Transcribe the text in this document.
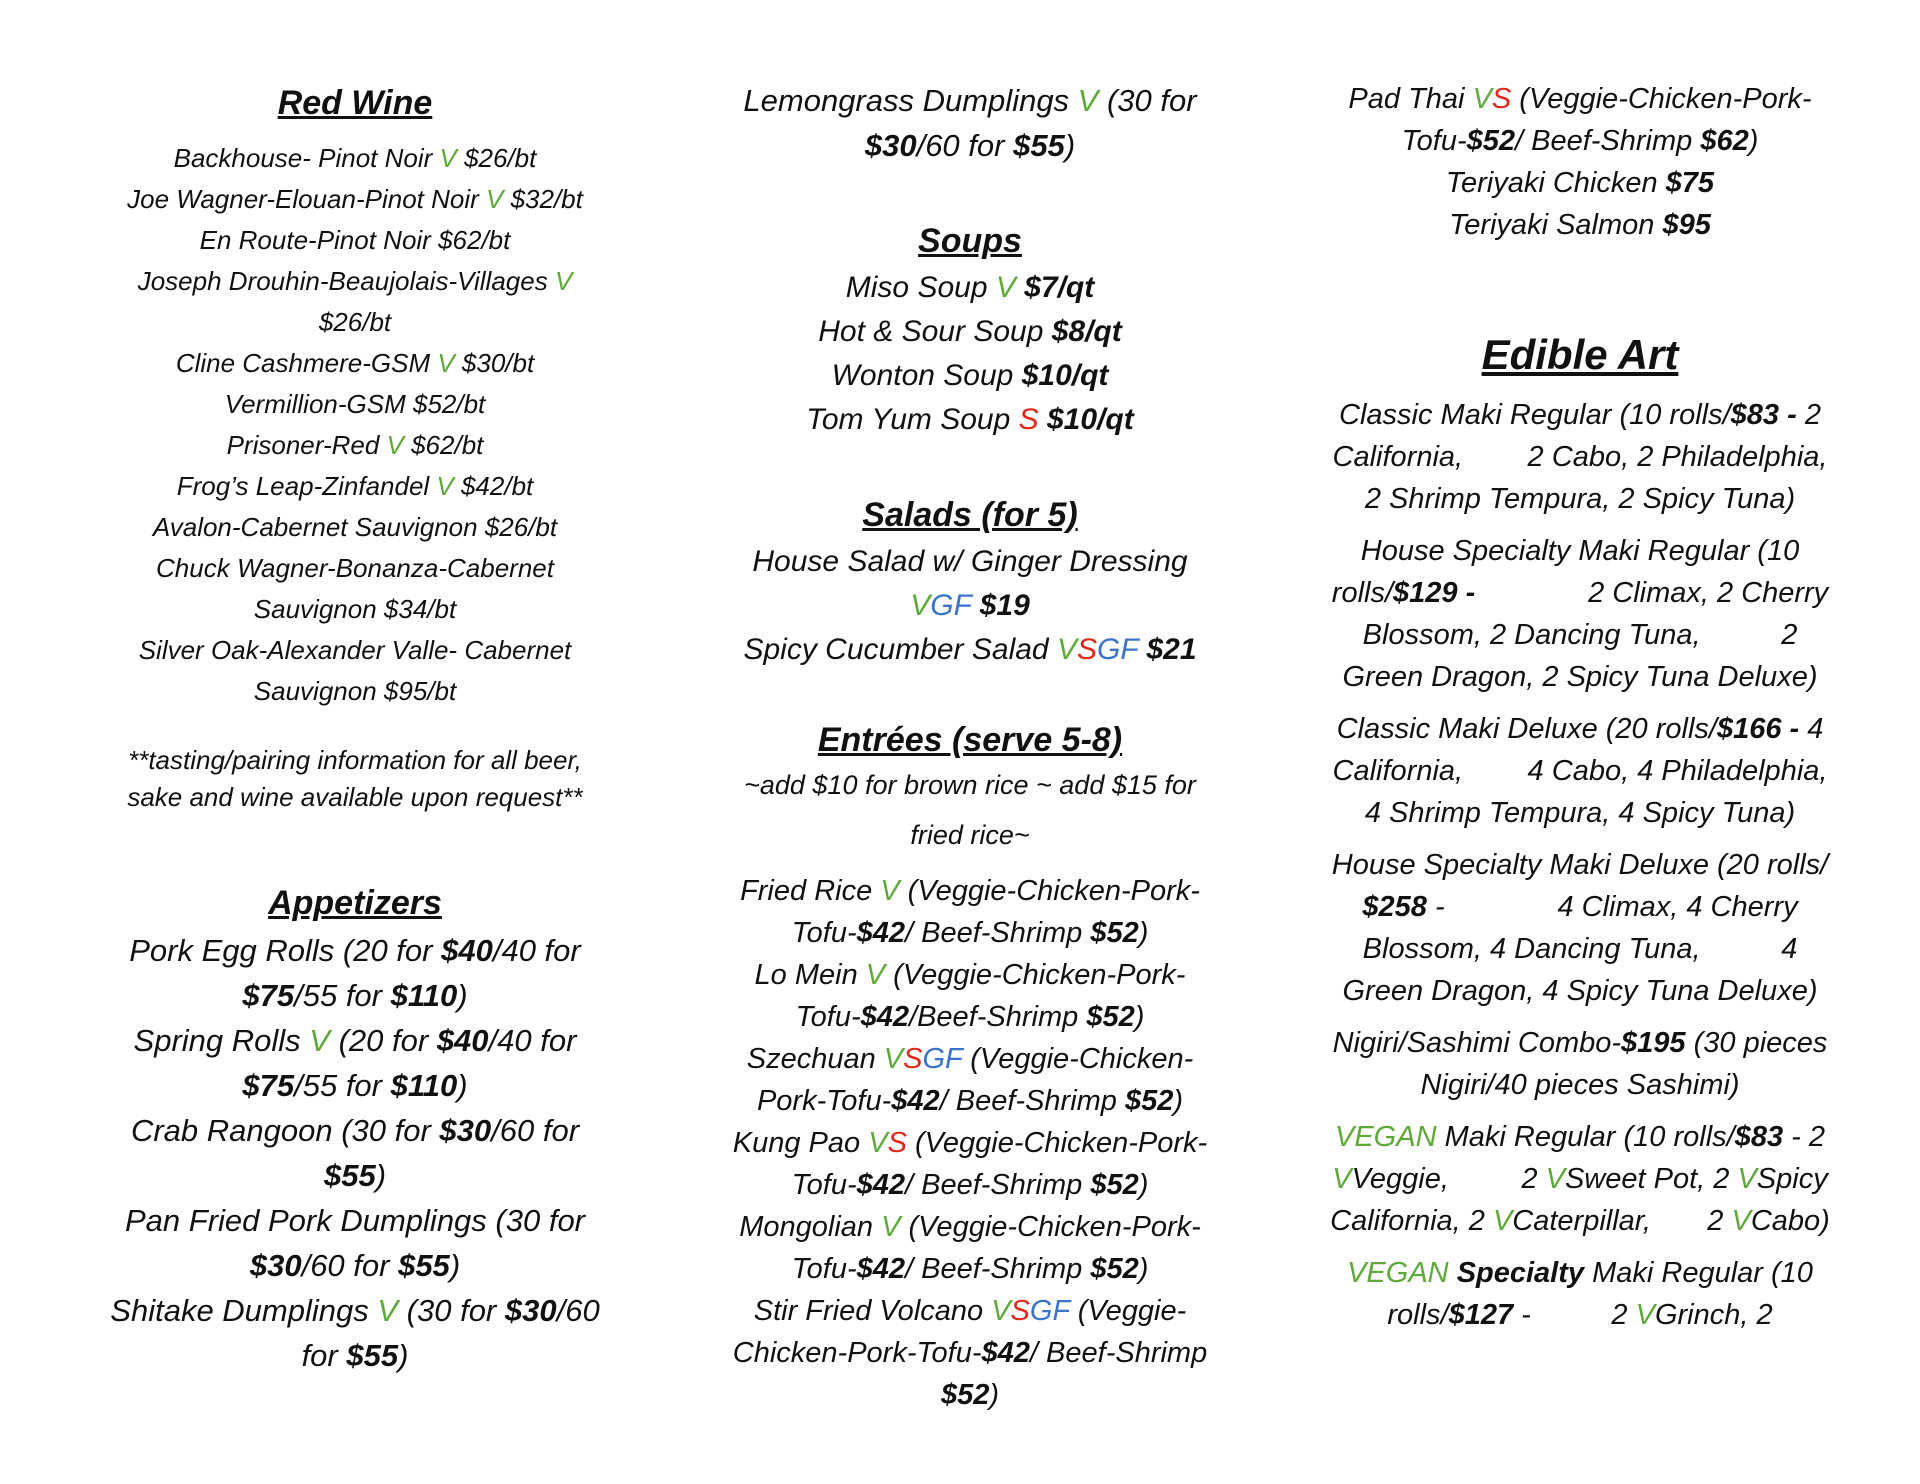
Red Wine

Backhouse- Pinot Noir V $26/bt

Joe Wagner-Elouan-Pinot Noir V $32/bt

En Route-Pinot Noir $62/bt

Joseph Drouhin-Beaujolais-Villages V
$26/bt

Cline Cashmere-GSM V $30/bt

Vermillion-GSM $52/bt

Prisoner-Red V $62/bt

Frog’s Leap-Zinfandel V $42/bt

Avalon-Cabernet Sauvignon $26/bt

Chuck Wagner-Bonanza-Cabernet
Sauvignon $34/bt

Silver Oak-Alexander Valle- Cabernet
Sauvignon $95/bt

**tasting/pairing information for all beer,
sake and wine available upon request**

Appetizers

Pork Egg Rolls (20 for $40/40 for
$75/55 for $110)

Spring Rolls V (20 for $40/40 for
$75/55 for $110)

Crab Rangoon (30 for $30/60 for
$55)

Pan Fried Pork Dumplings (30 for
$30/60 for $55)

Shitake Dumplings V (30 for $30/60
for $55)

Lemongrass Dumplings V (30 for
$30/60 for $55)

Soups

Miso Soup V $7/qt

Hot & Sour Soup $8/qt

Wonton Soup $10/qt

Tom Yum Soup S $10/qt

Salads (for 5)

House Salad w/ Ginger Dressing
VGF $19

Spicy Cucumber Salad VSGF $21

Entrées (serve 5-8)

~add $10 for brown rice ~ add $15 for
fried rice~

Fried Rice V (Veggie-Chicken-Pork-
Tofu-$42/ Beef-Shrimp $52)

Lo Mein V (Veggie-Chicken-Pork-
Tofu-$42/Beef-Shrimp $52)

Szechuan VSGF (Veggie-Chicken-
Pork-Tofu-$42/ Beef-Shrimp $52)

Kung Pao VS (Veggie-Chicken-Pork-
Tofu-$42/ Beef-Shrimp $52)

Mongolian V (Veggie-Chicken-Pork-
Tofu-$42/ Beef-Shrimp $52)

Stir Fried Volcano VSGF (Veggie-
Chicken-Pork-Tofu-$42/ Beef-Shrimp
$52)

Pad Thai VS (Veggie-Chicken-Pork-
Tofu-$52/ Beef-Shrimp $62)

Teriyaki Chicken $75

Teriyaki Salmon $95

Edible Art

Classic Maki Regular (10 rolls/$83 - 2
California,        2 Cabo, 2 Philadelphia,
2 Shrimp Tempura, 2 Spicy Tuna)

House Specialty Maki Regular (10
rolls/$129 -              2 Climax, 2 Cherry
Blossom, 2 Dancing Tuna,          2
Green Dragon, 2 Spicy Tuna Deluxe)

Classic Maki Deluxe (20 rolls/$166 - 4
California,        4 Cabo, 4 Philadelphia,
4 Shrimp Tempura, 4 Spicy Tuna)

House Specialty Maki Deluxe (20 rolls/
$258 -              4 Climax, 4 Cherry
Blossom, 4 Dancing Tuna,          4
Green Dragon, 4 Spicy Tuna Deluxe)

Nigiri/Sashimi Combo-$195 (30 pieces
Nigiri/40 pieces Sashimi)

VEGAN Maki Regular (10 rolls/$83 - 2
VVeggie,         2 VSweet Pot, 2 VSpicy
California, 2 VCaterpillar,       2 VCabo)

VEGAN Specialty Maki Regular (10
rolls/$127 -          2 VGrinch, 2
